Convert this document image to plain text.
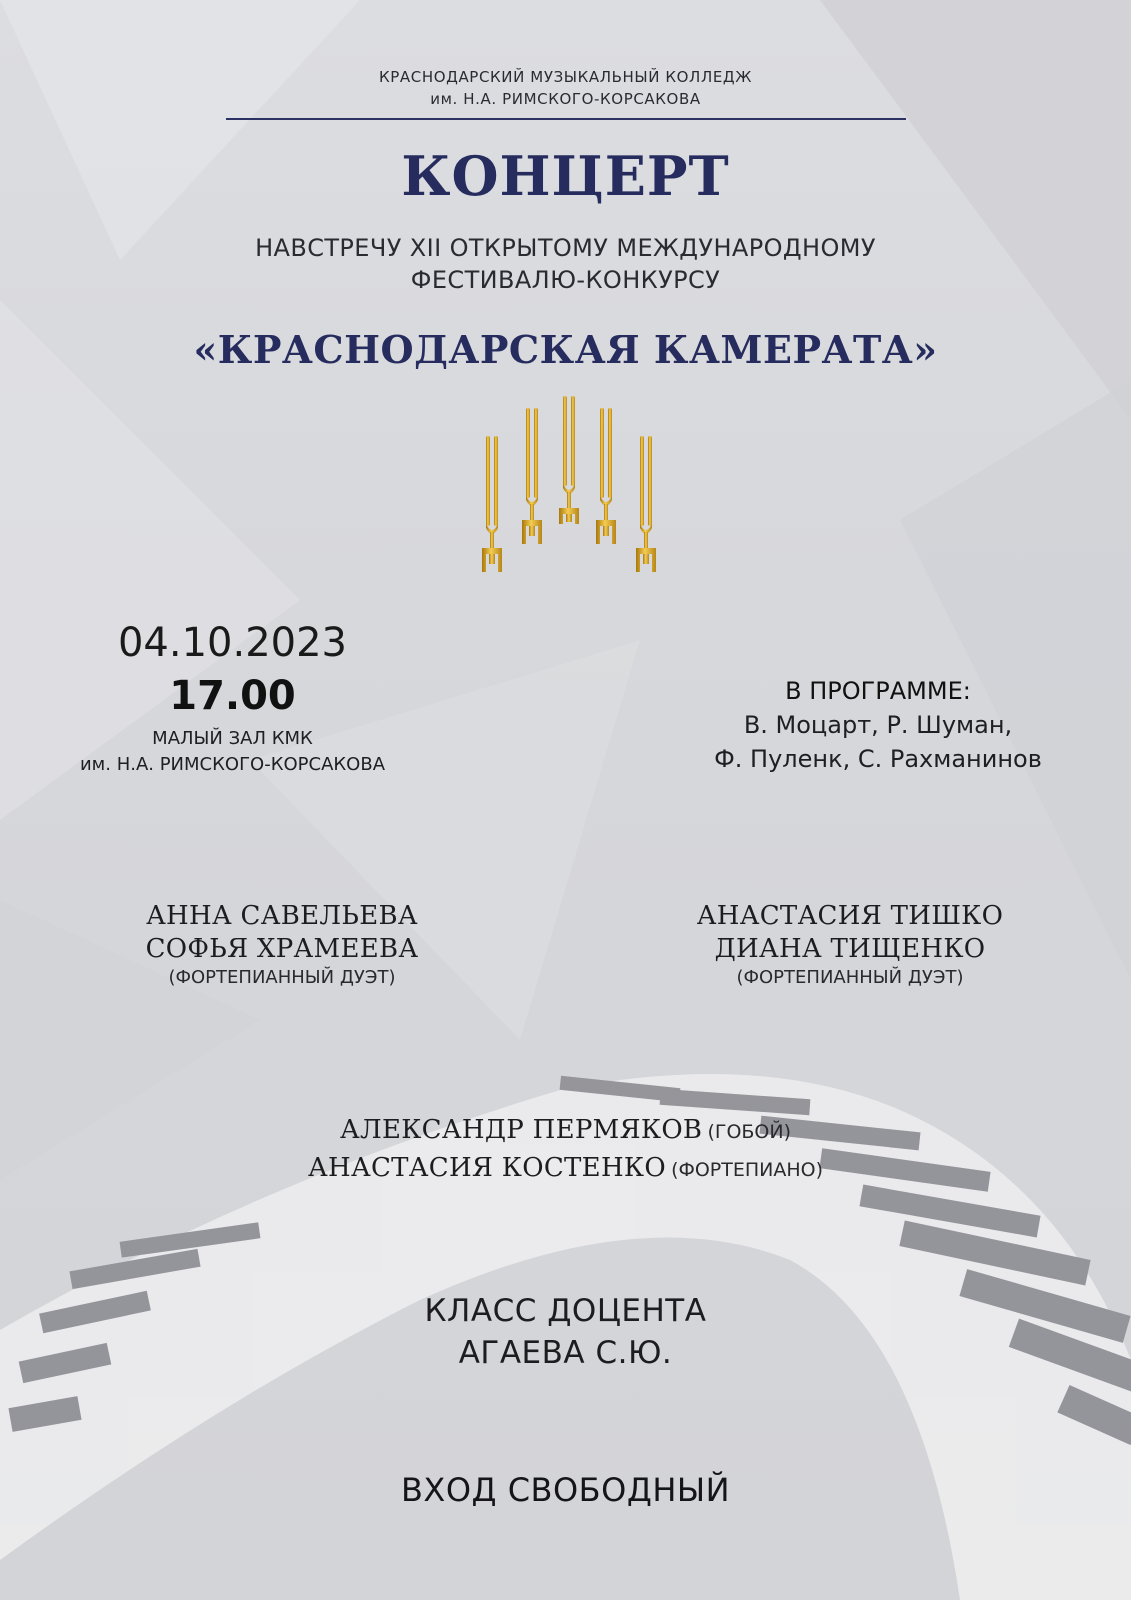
КРАСНОДАРСКИЙ МУЗЫКАЛЬНЫЙ КОЛЛЕДЖ
им. Н.А. РИМСКОГО-КОРСАКОВА
КОНЦЕРТ
НАВСТРЕЧУ XII ОТКРЫТОМУ МЕЖДУНАРОДНОМУ
ФЕСТИВАЛЮ-КОНКУРСУ
«КРАСНОДАРСКАЯ КАМЕРАТА»
04.10.2023
17.00
МАЛЫЙ ЗАЛ КМК
им. Н.А. РИМСКОГО-КОРСАКОВА
В ПРОГРАММЕ:
В. Моцарт, Р. Шуман,
Ф. Пуленк, С. Рахманинов
АННА САВЕЛЬЕВА
СОФЬЯ ХРАМЕЕВА
(ФОРТЕПИАННЫЙ ДУЭТ)
АНАСТАСИЯ ТИШКО
ДИАНА ТИЩЕНКО
(ФОРТЕПИАННЫЙ ДУЭТ)
АЛЕКСАНДР ПЕРМЯКОВ (ГОБОЙ)
АНАСТАСИЯ КОСТЕНКО (ФОРТЕПИАНО)
КЛАСС ДОЦЕНТА
АГАЕВА С.Ю.
ВХОД СВОБОДНЫЙ
